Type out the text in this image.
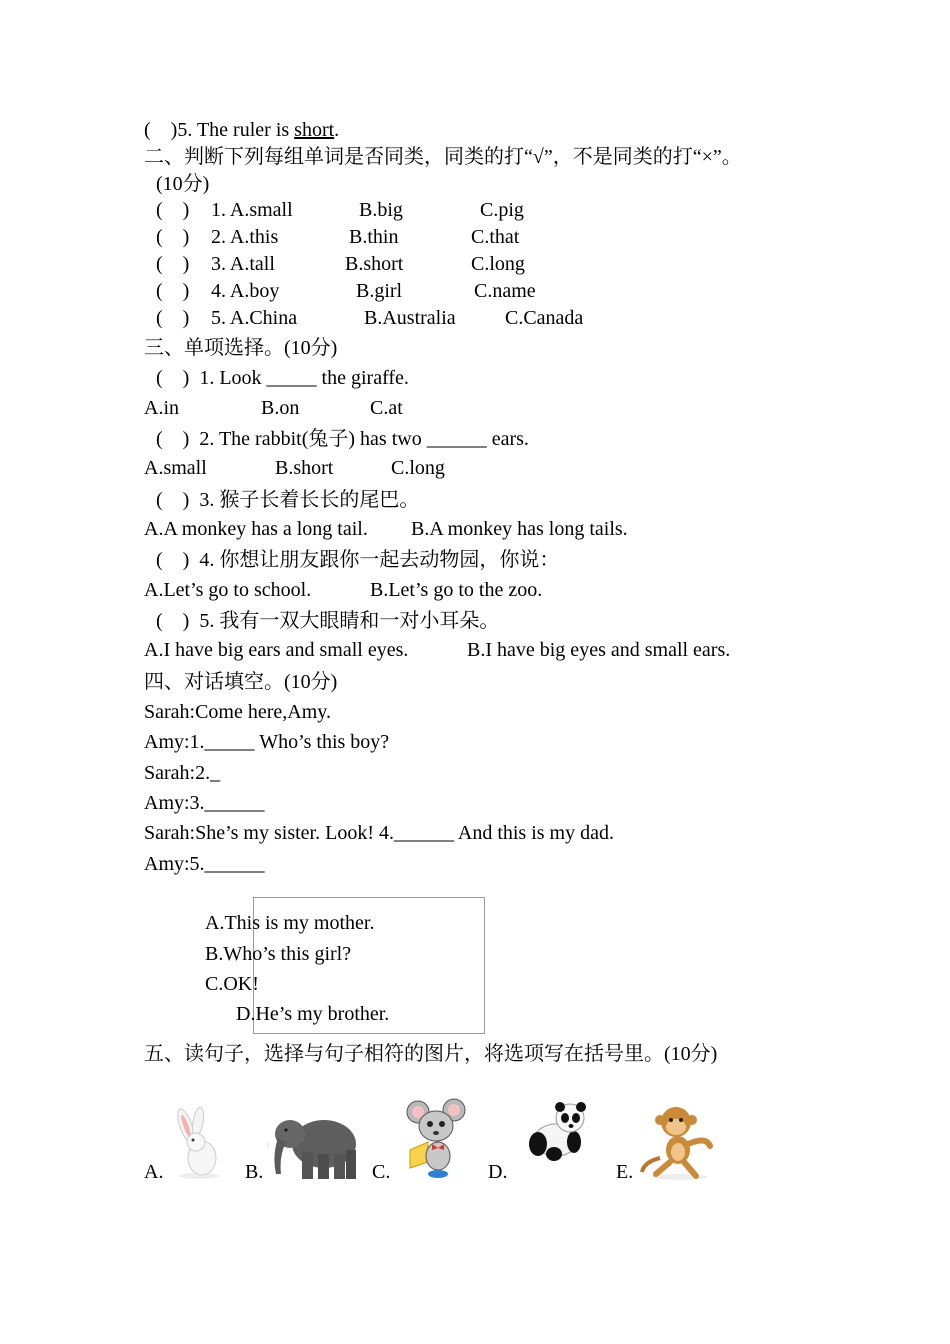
(    )5. The ruler is short.
二、判断下列每组单词是否同类，同类的打“√”，不是同类的打“×”。
(10分)
(    ) 1. A.small	B.big	C.pig
(    ) 2. A.this	B.thin	C.that
(    ) 3. A.tall	B.short	C.long
(    ) 4. A.boy	B.girl	C.name
(    ) 5. A.China	B.Australia C.Canada
三、单项选择。(10分)
(    ) 1. Look _____ the giraffe.
A.in	B.on	C.at
(    ) 2. The rabbit(兔子) has two ______ ears.
A.small	B.short	C.long
(    ) 3. 猴子长着长长的尾巴。
A.A monkey has a long tail. B.A monkey has long tails.
(    ) 4. 你想让朋友跟你一起去动物园，你说：
A.Let’s go to school.	B.Let’s go to the zoo.
(    ) 5. 我有一双大眼睛和一对小耳朵。
A.I have big ears and small eyes.	B.I have big eyes and small ears.
四、对话填空。(10分)
Sarah:Come here,Amy.
Amy:1._____ Who’s this boy?
Sarah:2._
Amy:3.______
Sarah:She’s my sister. Look! 4.______ And this is my dad.
Amy:5.______
A.This is my mother.
B.Who’s this girl?
C.OK!
D.He’s my brother.
五、读句子，选择与句子相符的图片，将选项写在括号里。(10分)
A.	B.	C.	D.	E.
